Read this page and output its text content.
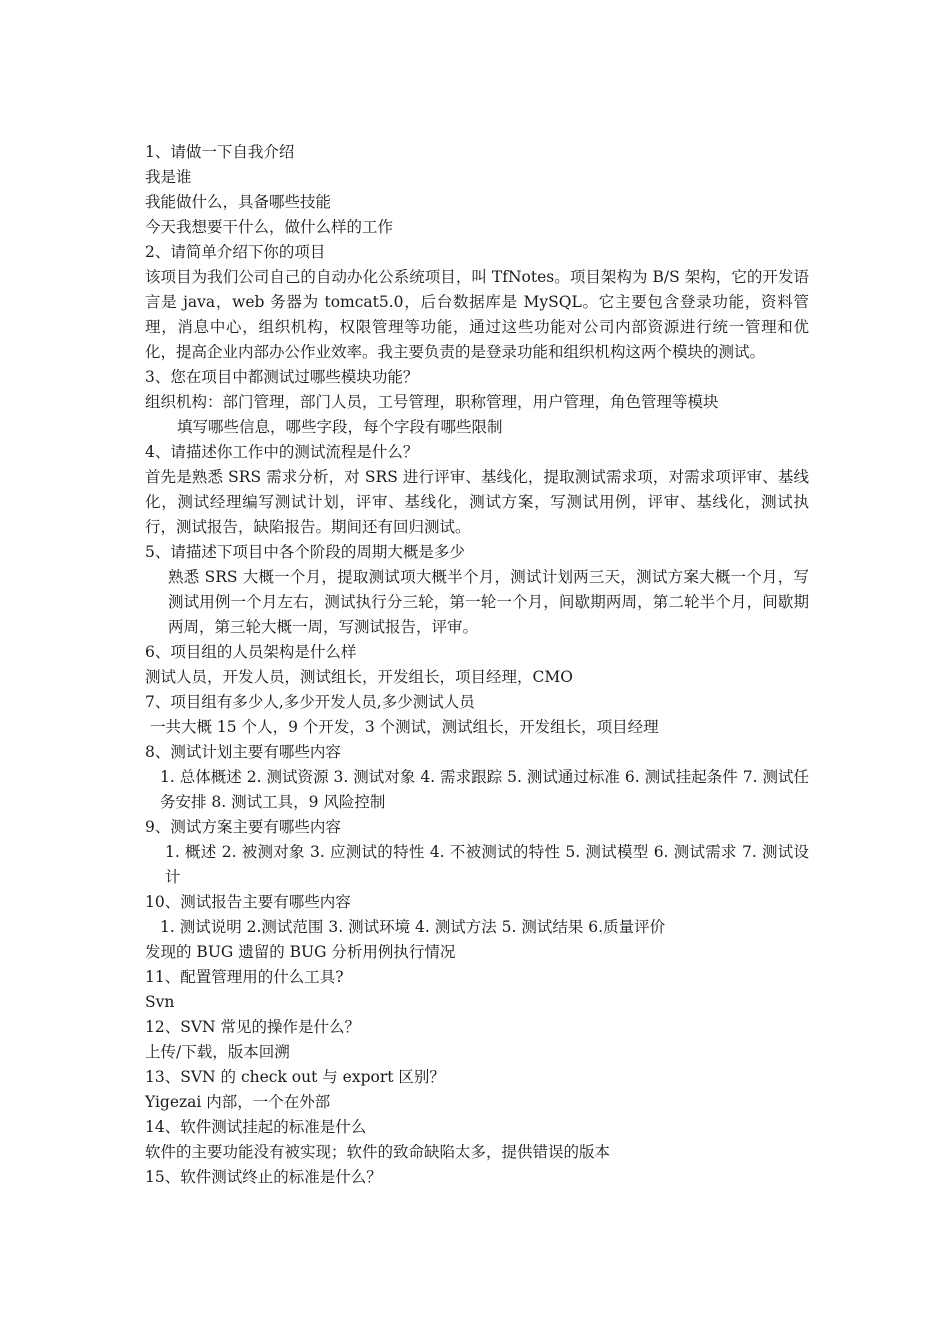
1、请做一下自我介绍
我是谁
我能做什么，具备哪些技能
今天我想要干什么，做什么样的工作
2、请简单介绍下你的项目
该项目为我们公司自己的自动办化公系统项目，叫 TfNotes。项目架构为 B/S 架构，它的开发语言是 java，web 务器为 tomcat5.0，后台数据库是 MySQL。它主要包含登录功能，资料管理，消息中心，组织机构，权限管理等功能，通过这些功能对公司内部资源进行统一管理和优化，提高企业内部办公作业效率。我主要负责的是登录功能和组织机构这两个模块的测试。
3、您在项目中都测试过哪些模块功能？
组织机构：部门管理，部门人员，工号管理，职称管理，用户管理，角色管理等模块
填写哪些信息，哪些字段，每个字段有哪些限制
4、请描述你工作中的测试流程是什么？
首先是熟悉 SRS 需求分析，对 SRS 进行评审、基线化，提取测试需求项，对需求项评审、基线化，测试经理编写测试计划，评审、基线化，测试方案，写测试用例，评审、基线化，测试执行，测试报告，缺陷报告。期间还有回归测试。
5、请描述下项目中各个阶段的周期大概是多少
熟悉 SRS 大概一个月，提取测试项大概半个月，测试计划两三天，测试方案大概一个月，写测试用例一个月左右，测试执行分三轮，第一轮一个月，间歇期两周，第二轮半个月，间歇期两周，第三轮大概一周，写测试报告，评审。
6、项目组的人员架构是什么样
测试人员，开发人员，测试组长，开发组长，项目经理，CMO
7、项目组有多少人,多少开发人员,多少测试人员
一共大概 15 个人，9 个开发，3 个测试，测试组长，开发组长，项目经理
8、测试计划主要有哪些内容
1. 总体概述 2. 测试资源 3. 测试对象 4. 需求跟踪 5. 测试通过标准 6. 测试挂起条件 7. 测试任务安排 8. 测试工具，9 风险控制
9、测试方案主要有哪些内容
1. 概述 2. 被测对象 3. 应测试的特性 4. 不被测试的特性 5. 测试模型 6. 测试需求 7. 测试设计
10、测试报告主要有哪些内容
1. 测试说明 2.测试范围 3. 测试环境 4. 测试方法 5. 测试结果 6.质量评价
发现的 BUG 遗留的 BUG 分析用例执行情况
11、配置管理用的什么工具?
Svn
12、SVN 常见的操作是什么？
上传/下载，版本回溯
13、SVN 的 check out 与 export 区别？
Yigezai 内部，一个在外部
14、软件测试挂起的标准是什么
软件的主要功能没有被实现；软件的致命缺陷太多，提供错误的版本
15、软件测试终止的标准是什么？
